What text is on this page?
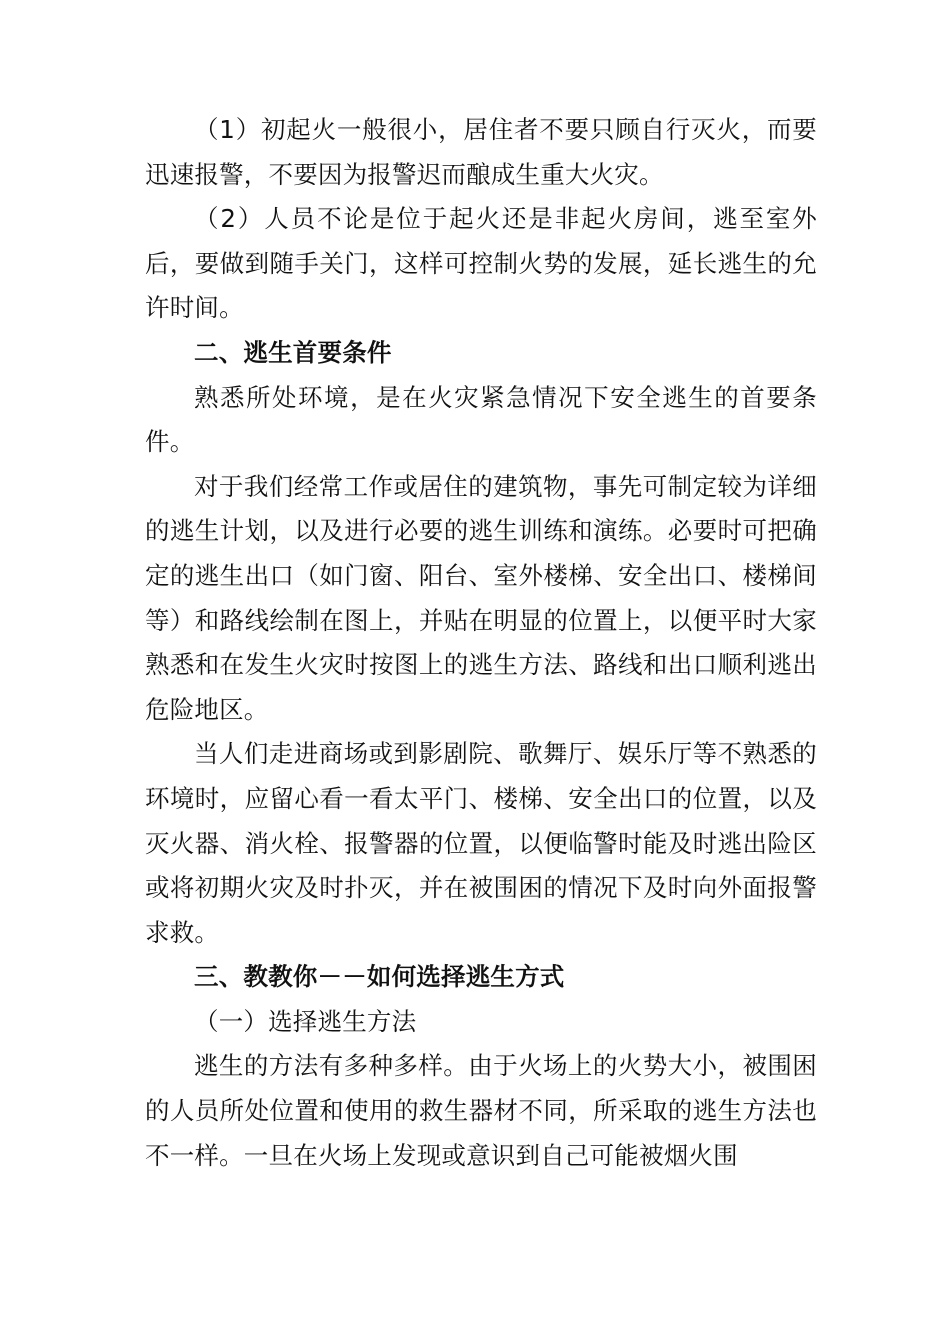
（1）初起火一般很小，居住者不要只顾自行灭火，而要迅速报警，不要因为报警迟而酿成生重大火灾。

（2）人员不论是位于起火还是非起火房间，逃至室外后，要做到随手关门，这样可控制火势的发展，延长逃生的允许时间。

二、逃生首要条件

熟悉所处环境，是在火灾紧急情况下安全逃生的首要条件。

对于我们经常工作或居住的建筑物，事先可制定较为详细的逃生计划，以及进行必要的逃生训练和演练。必要时可把确定的逃生出口（如门窗、阳台、室外楼梯、安全出口、楼梯间等）和路线绘制在图上，并贴在明显的位置上，以便平时大家熟悉和在发生火灾时按图上的逃生方法、路线和出口顺利逃出危险地区。

当人们走进商场或到影剧院、歌舞厅、娱乐厅等不熟悉的环境时，应留心看一看太平门、楼梯、安全出口的位置，以及灭火器、消火栓、报警器的位置，以便临警时能及时逃出险区或将初期火灾及时扑灭，并在被围困的情况下及时向外面报警求救。

三、教教你－－如何选择逃生方式

（一）选择逃生方法

逃生的方法有多种多样。由于火场上的火势大小，被围困的人员所处位置和使用的救生器材不同，所采取的逃生方法也不一样。一旦在火场上发现或意识到自己可能被烟火围
